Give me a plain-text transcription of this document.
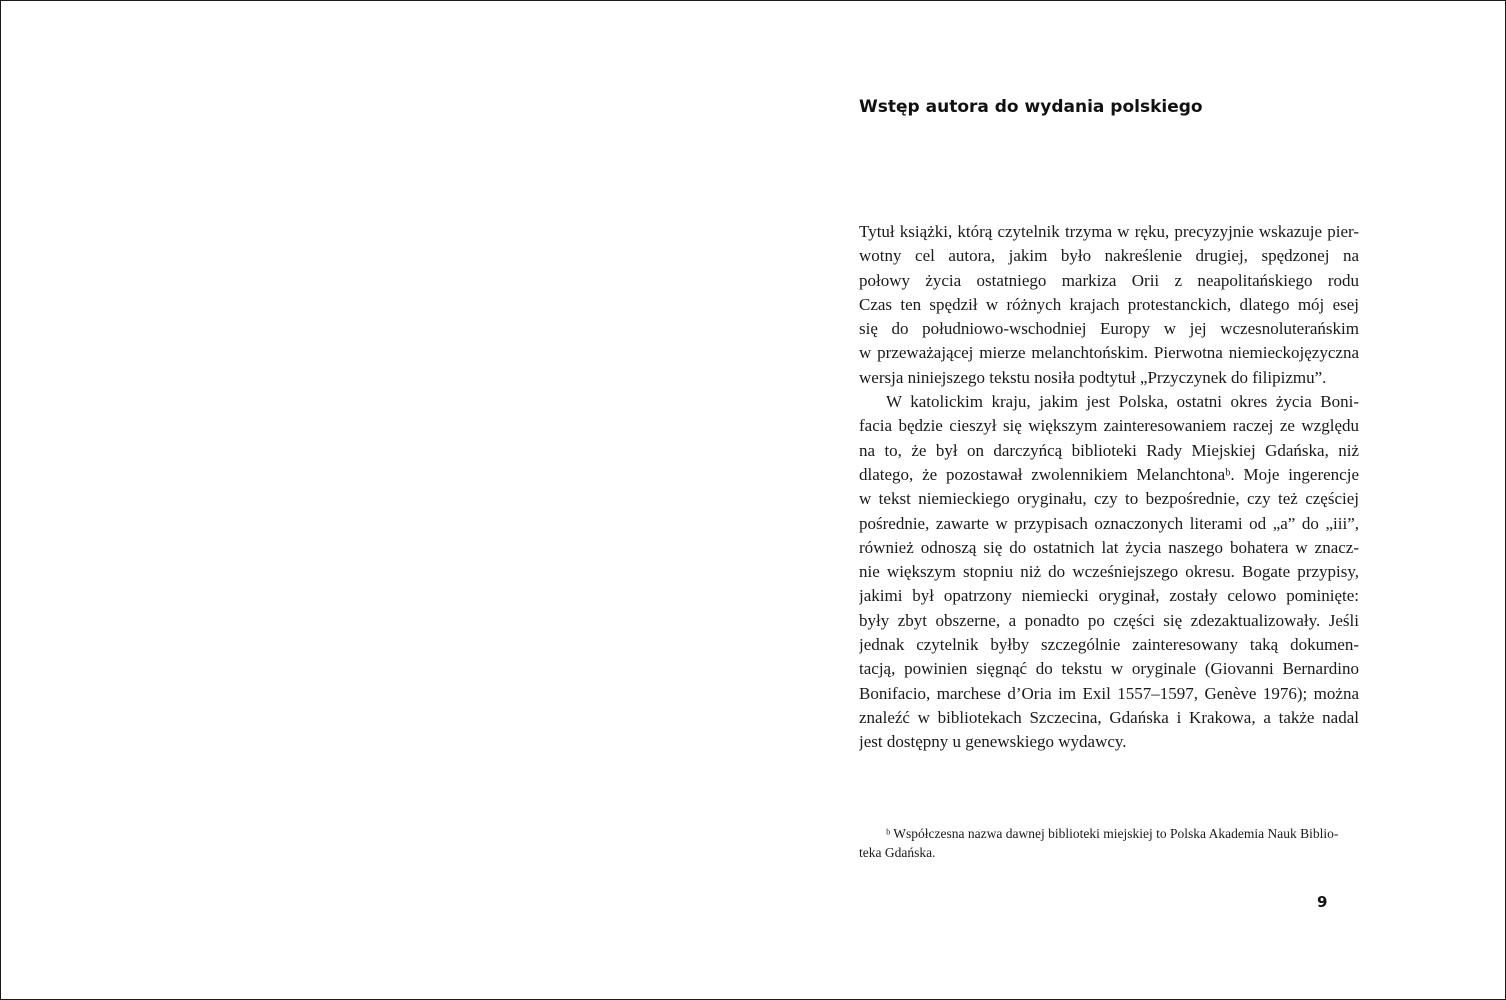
Wstęp autora do wydania polskiego
Tytuł książki, którą czytelnik trzyma w ręku, precyzyjnie wskazuje pier-
wotny cel autora, jakim było nakreślenie drugiej, spędzonej na
połowy życia ostatniego markiza Orii z neapolitańskiego rodu
Czas ten spędził w różnych krajach protestanckich, dlatego mój esej
się do południowo-wschodniej Europy w jej wczesnoluterańskim
w przeważającej mierze melanchtońskim. Pierwotna niemieckojęzyczna
wersja niniejszego tekstu nosiła podtytuł „Przyczynek do filipizmu”.
W katolickim kraju, jakim jest Polska, ostatni okres życia Boni-
facia będzie cieszył się większym zainteresowaniem raczej ze względu
na to, że był on darczyńcą biblioteki Rady Miejskiej Gdańska, niż
dlatego, że pozostawał zwolennikiem Melanchtonaᵇ. Moje ingerencje
w tekst niemieckiego oryginału, czy to bezpośrednie, czy też częściej
pośrednie, zawarte w przypisach oznaczonych literami od „a” do „iii”,
również odnoszą się do ostatnich lat życia naszego bohatera w znacz-
nie większym stopniu niż do wcześniejszego okresu. Bogate przypisy,
jakimi był opatrzony niemiecki oryginał, zostały celowo pominięte:
były zbyt obszerne, a ponadto po części się zdezaktualizowały. Jeśli
jednak czytelnik byłby szczególnie zainteresowany taką dokumen-
tacją, powinien sięgnąć do tekstu w oryginale (Giovanni Bernardino
Bonifacio, marchese d’Oria im Exil 1557–1597, Genève 1976); można
znaleźć w bibliotekach Szczecina, Gdańska i Krakowa, a także nadal
jest dostępny u genewskiego wydawcy.
ᵇ Współczesna nazwa dawnej biblioteki miejskiej to Polska Akademia Nauk Biblio-
teka Gdańska.
9
